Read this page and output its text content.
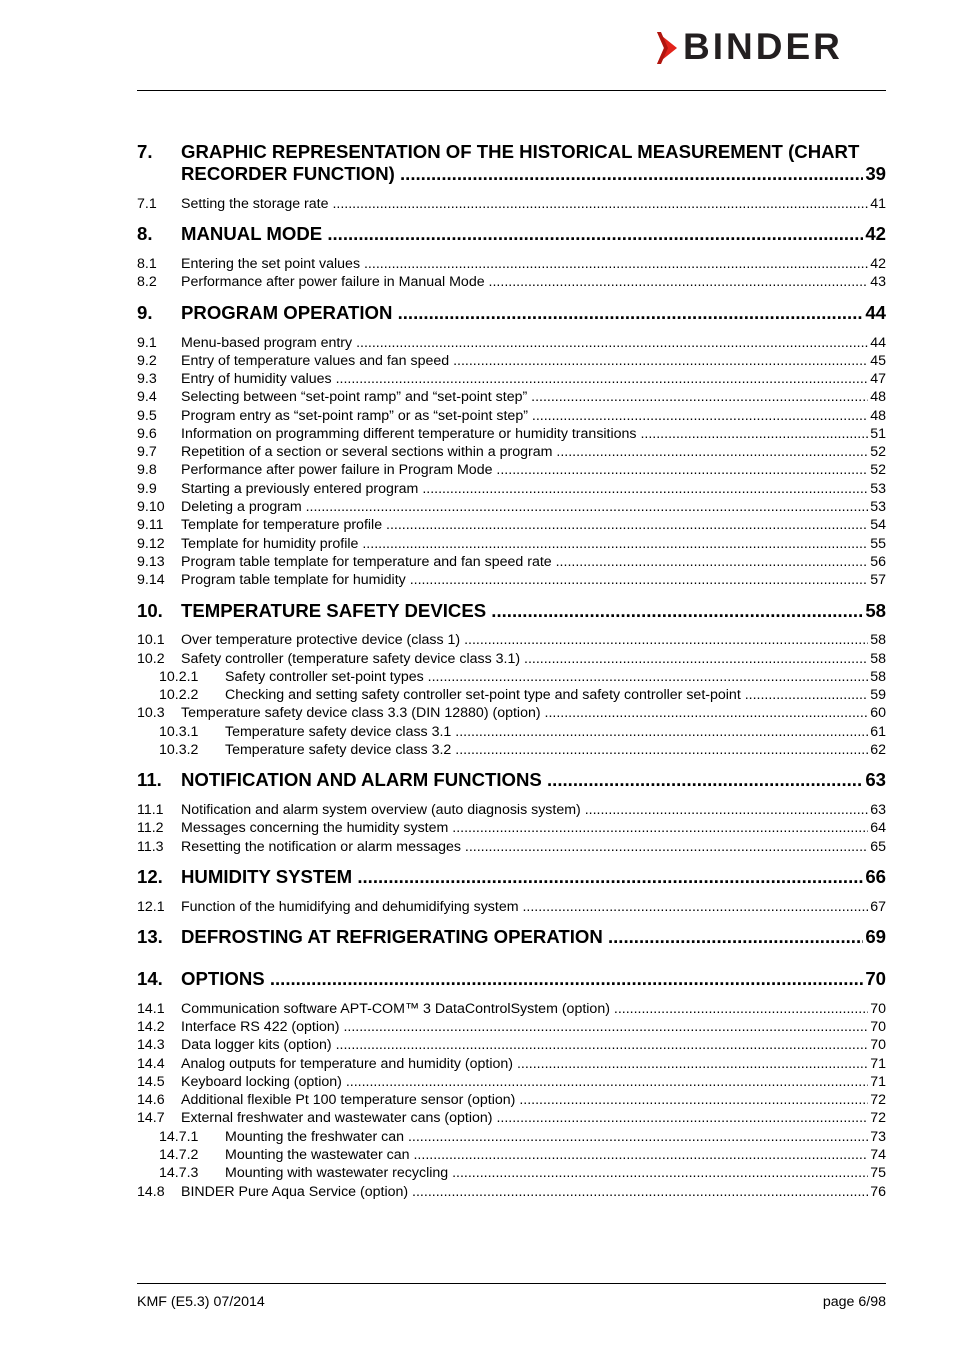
BINDER
7. GRAPHIC REPRESENTATION OF THE HISTORICAL MEASUREMENT (CHART
RECORDER FUNCTION) .....	39
7.1 Setting the storage rate .....	41
8. MANUAL MODE .....	42
8.1 Entering the set point values .....	42
8.2 Performance after power failure in Manual Mode .....	43
9. PROGRAM OPERATION .....	44
9.1 Menu-based program entry .....	44
9.2 Entry of temperature values and fan speed .....	45
9.3 Entry of humidity values .....	47
9.4 Selecting between “set-point ramp” and “set-point step” .....	48
9.5 Program entry as “set-point ramp” or as “set-point step” .....	48
9.6 Information on programming different temperature or humidity transitions .....	51
9.7 Repetition of a section or several sections within a program .....	52
9.8 Performance after power failure in Program Mode .....	52
9.9 Starting a previously entered program .....	53
9.10 Deleting a program .....	53
9.11 Template for temperature profile .....	54
9.12 Template for humidity profile .....	55
9.13 Program table template for temperature and fan speed rate .....	56
9.14 Program table template for humidity .....	57
10. TEMPERATURE SAFETY DEVICES .....	58
10.1 Over temperature protective device (class 1) .....	58
10.2 Safety controller (temperature safety device class 3.1) .....	58
10.2.1 Safety controller set-point types .....	58
10.2.2 Checking and setting safety controller set-point type and safety controller set-point .....	59
10.3 Temperature safety device class 3.3 (DIN 12880) (option) .....	60
10.3.1 Temperature safety device class 3.1 .....	61
10.3.2 Temperature safety device class 3.2 .....	62
11. NOTIFICATION AND ALARM FUNCTIONS .....	63
11.1 Notification and alarm system overview (auto diagnosis system) .....	63
11.2 Messages concerning the humidity system .....	64
11.3 Resetting the notification or alarm messages .....	65
12. HUMIDITY SYSTEM .....	66
12.1 Function of the humidifying and dehumidifying system .....	67
13. DEFROSTING AT REFRIGERATING OPERATION .....	69
14. OPTIONS .....	70
14.1 Communication software APT-COM™ 3 DataControlSystem (option) .....	70
14.2 Interface RS 422 (option) .....	70
14.3 Data logger kits (option) .....	70
14.4 Analog outputs for temperature and humidity (option) .....	71
14.5 Keyboard locking (option) .....	71
14.6 Additional flexible Pt 100 temperature sensor (option) .....	72
14.7 External freshwater and wastewater cans (option) .....	72
14.7.1 Mounting the freshwater can .....	73
14.7.2 Mounting the wastewater can .....	74
14.7.3 Mounting with wastewater recycling .....	75
14.8 BINDER Pure Aqua Service (option) .....	76
KMF (E5.3) 07/2014	page 6/98
